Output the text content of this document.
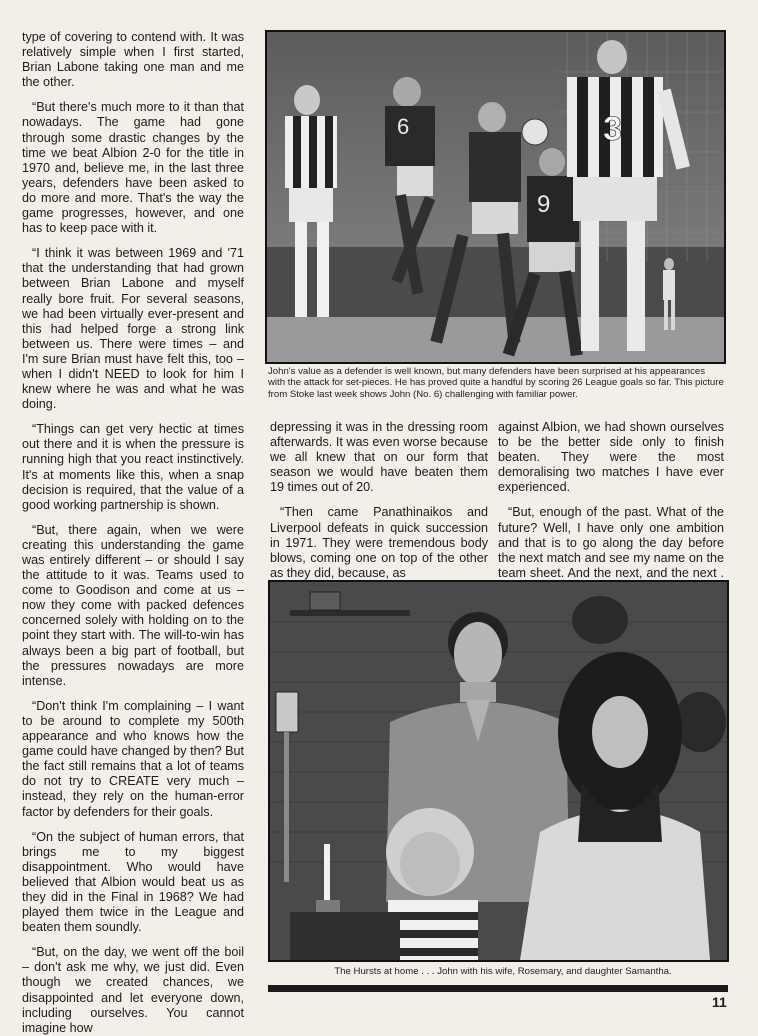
type of covering to contend with. It was relatively simple when I first started, Brian Labone taking one man and me the other.

“But there's much more to it than that nowadays. The game had gone through some drastic changes by the time we beat Albion 2-0 for the title in 1970 and, believe me, in the last three years, defenders have been asked to do more and more. That's the way the game progresses, however, and one has to keep pace with it.

“I think it was between 1969 and '71 that the understanding that had grown between Brian Labone and myself really bore fruit. For several seasons, we had been virtually ever-present and this had helped forge a strong link between us. There were times – and I'm sure Brian must have felt this, too – when I didn't NEED to look for him I knew where he was and what he was doing.

“Things can get very hectic at times out there and it is when the pressure is running high that you react instinctively. It's at moments like this, when a snap decision is required, that the value of a good working partnership is shown.

“But, there again, when we were creating this understanding the game was entirely different – or should I say the attitude to it was. Teams used to come to Goodison and come at us – now they come with packed defences concerned solely with holding on to the point they start with. The will-to-win has always been a big part of football, but the pressures nowadays are more intense.

“Don't think I'm complaining – I want to be around to complete my 500th appearance and who knows how the game could have changed by then? But the fact still remains that a lot of teams do not try to CREATE very much – instead, they rely on the human-error factor by defenders for their goals.

“On the subject of human errors, that brings me to my biggest disappointment. Who would have believed that Albion would beat us as they did in the Final in 1968? We had played them twice in the League and beaten them soundly.

“But, on the day, we went off the boil – don't ask me why, we just did. Even though we created chances, we disappointed and let everyone down, including ourselves. You cannot imagine how

6
9
3
John's value as a defender is well known, but many defenders have been surprised at his appearances with the attack for set-pieces. He has proved quite a handful by scoring 26 League goals so far. This picture from Stoke last week shows John (No. 6) challenging with familiar power.

depressing it was in the dressing room afterwards. It was even worse because we all knew that on our form that season we would have beaten them 19 times out of 20.

“Then came Panathinaikos and Liverpool defeats in quick succession in 1971. They were tremendous body blows, coming one on top of the other as they did, because, as

against Albion, we had shown ourselves to be the better side only to finish beaten. They were the most demoralising two matches I have ever experienced.

“But, enough of the past. What of the future? Well, I have only one ambition and that is to go along the day before the next match and see my name on the team sheet. And the next, and the next .

The Hursts at home . . . John with his wife, Rosemary, and daughter Samantha.
11
